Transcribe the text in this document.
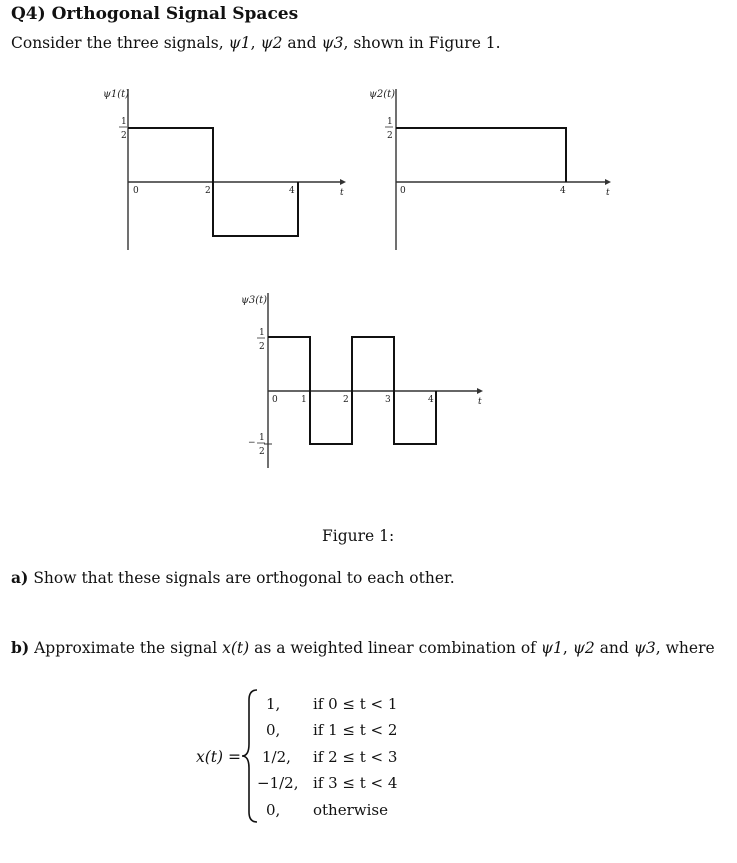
Q4) Orthogonal Signal Spaces
Consider the three signals, ψ1, ψ2 and ψ3, shown in Figure 1.
ψ1(t)
1
2
0	2	4	t
ψ2(t)
1
2
0	4	t
ψ3(t)
1
2
− 1
2
0	1	2	3	4	t
Figure 1:
a) Show that these signals are orthogonal to each other.
b) Approximate the signal x(t) as a weighted linear combination of ψ1, ψ2 and ψ3, where
x(t) =
1, if 0 ≤ t < 1
0, if 1 ≤ t < 2
1/2, if 2 ≤ t < 3
−1/2, if 3 ≤ t < 4
0, otherwise
